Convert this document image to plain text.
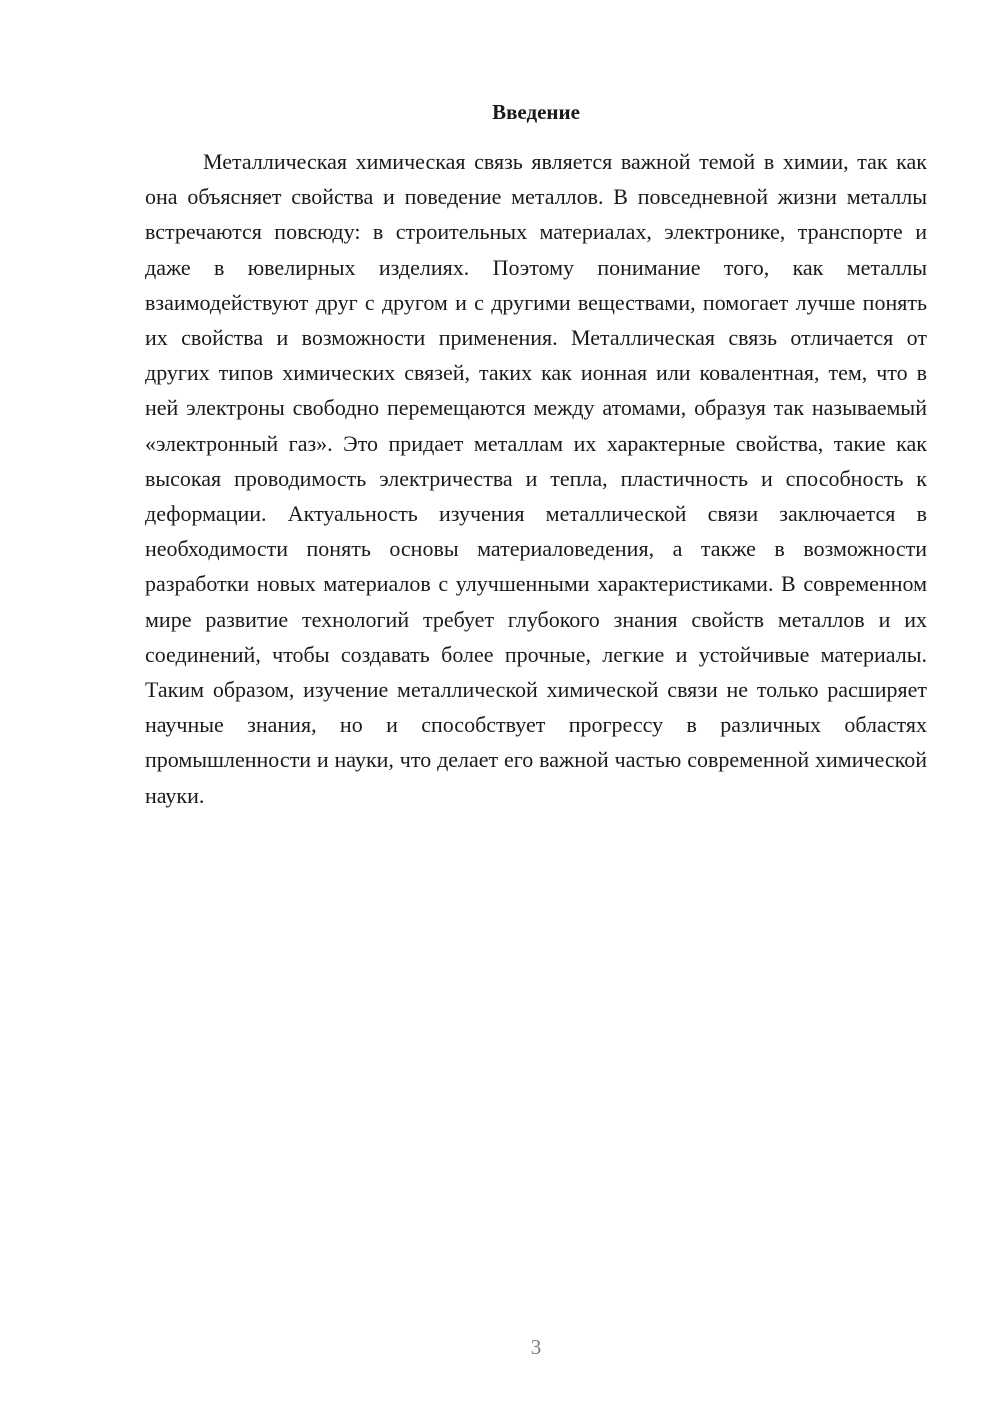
Введение

Металлическая химическая связь является важной темой в химии, так как она объясняет свойства и поведение металлов. В повседневной жизни металлы встречаются повсюду: в строительных материалах, электронике, транспорте и даже в ювелирных изделиях. Поэтому понимание того, как металлы взаимодействуют друг с другом и с другими веществами, помогает лучше понять их свойства и возможности применения. Металлическая связь отличается от других типов химических связей, таких как ионная или ковалентная, тем, что в ней электроны свободно перемещаются между атомами, образуя так называемый «электронный газ». Это придает металлам их характерные свойства, такие как высокая проводимость электричества и тепла, пластичность и способность к деформации. Актуальность изучения металлической связи заключается в необходимости понять основы материаловедения, а также в возможности разработки новых материалов с улучшенными характеристиками. В современном мире развитие технологий требует глубокого знания свойств металлов и их соединений, чтобы создавать более прочные, легкие и устойчивые материалы. Таким образом, изучение металлической химической связи не только расширяет научные знания, но и способствует прогрессу в различных областях промышленности и науки, что делает его важной частью современной химической науки.

3
